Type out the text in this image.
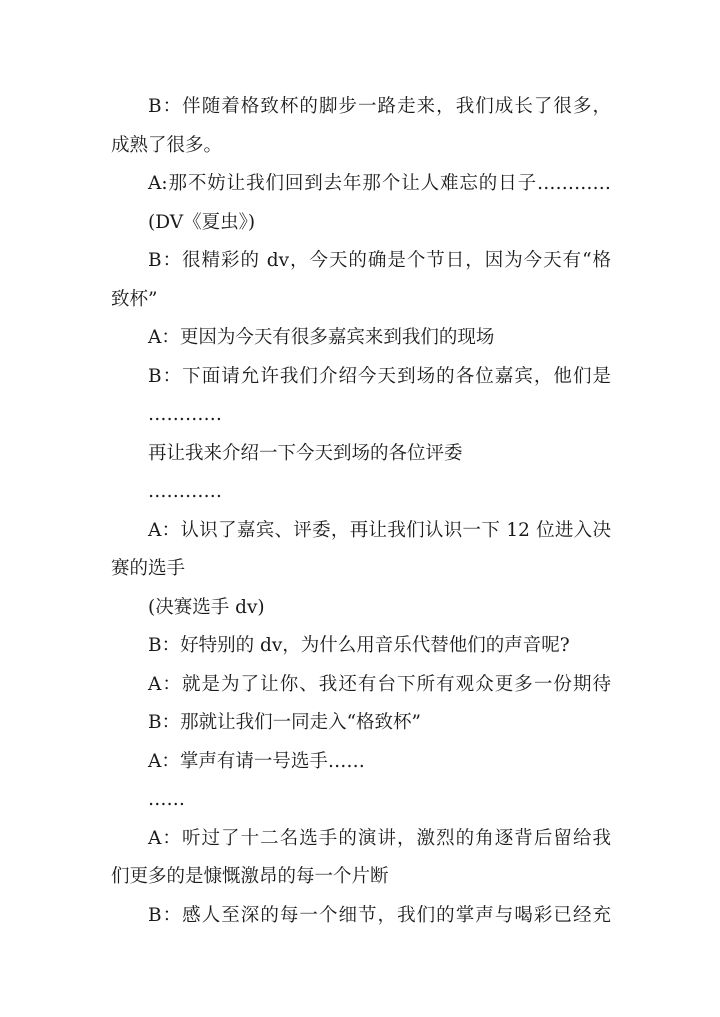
B：伴随着格致杯的脚步一路走来，我们成长了很多，
成熟了很多。
A:那不妨让我们回到去年那个让人难忘的日子…………
(DV《夏虫》)
B：很精彩的 dv，今天的确是个节日，因为今天有“格
致杯”
A：更因为今天有很多嘉宾来到我们的现场
B：下面请允许我们介绍今天到场的各位嘉宾，他们是
…………
再让我来介绍一下今天到场的各位评委
…………
A：认识了嘉宾、评委，再让我们认识一下 12 位进入决
赛的选手
(决赛选手 dv)
B：好特别的 dv，为什么用音乐代替他们的声音呢?
A：就是为了让你、我还有台下所有观众更多一份期待
B：那就让我们一同走入“格致杯”
A：掌声有请一号选手……
……
A：听过了十二名选手的演讲，激烈的角逐背后留给我
们更多的是慷慨激昂的每一个片断
B：感人至深的每一个细节，我们的掌声与喝彩已经充
